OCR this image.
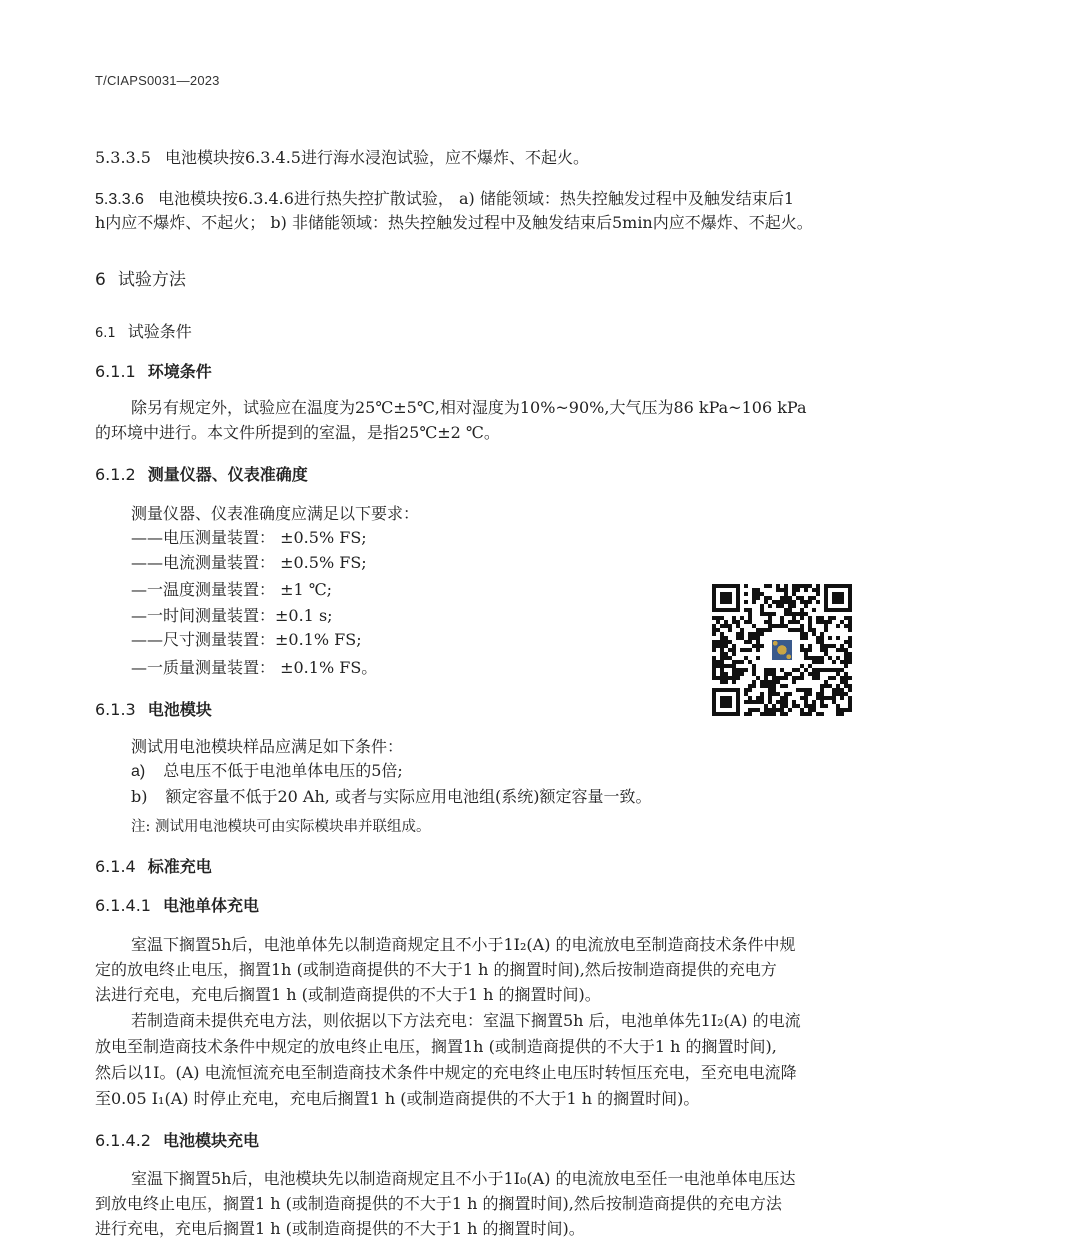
T/CIAPS0031—2023
5.3.3.5 电池模块按6.3.4.5进行海水浸泡试验，应不爆炸、不起火。
5.3.3.6 电池模块按6.3.4.6进行热失控扩散试验， a) 储能领域：热失控触发过程中及触发结束后1
h内应不爆炸、不起火； b) 非储能领域：热失控触发过程中及触发结束后5min内应不爆炸、不起火。
6 试验方法
6.1 试验条件
6.1.1 环境条件
除另有规定外，试验应在温度为25℃±5℃,相对湿度为10%~90%,大气压为86 kPa~106 kPa
的环境中进行。本文件所提到的室温，是指25℃±2 ℃。
6.1.2 测量仪器、仪表准确度
测量仪器、仪表准确度应满足以下要求：
——电压测量装置： ±0.5% FS;
——电流测量装置： ±0.5% FS;
—一温度测量装置： ±1 ℃;
—一时间测量装置：±0.1 s;
——尺寸测量装置：±0.1% FS;
—一质量测量装置： ±0.1% FS。
6.1.3 电池模块
测试用电池模块样品应满足如下条件：
a) 总电压不低于电池单体电压的5倍;
b) 额定容量不低于20 Ah, 或者与实际应用电池组(系统)额定容量一致。
注: 测试用电池模块可由实际模块串并联组成。
6.1.4 标准充电
6.1.4.1 电池单体充电
室温下搁置5h后，电池单体先以制造商规定且不小于1I₂(A) 的电流放电至制造商技术条件中规
定的放电终止电压，搁置1h (或制造商提供的不大于1 h 的搁置时间),然后按制造商提供的充电方
法进行充电，充电后搁置1 h (或制造商提供的不大于1 h 的搁置时间)。
若制造商未提供充电方法，则依据以下方法充电：室温下搁置5h 后，电池单体先1I₂(A) 的电流
放电至制造商技术条件中规定的放电终止电压，搁置1h (或制造商提供的不大于1 h 的搁置时间),
然后以1I。(A) 电流恒流充电至制造商技术条件中规定的充电终止电压时转恒压充电，至充电电流降
至0.05 I₁(A) 时停止充电，充电后搁置1 h (或制造商提供的不大于1 h 的搁置时间)。
6.1.4.2 电池模块充电
室温下搁置5h后，电池模块先以制造商规定且不小于1I₀(A) 的电流放电至任一电池单体电压达
到放电终止电压，搁置1 h (或制造商提供的不大于1 h 的搁置时间),然后按制造商提供的充电方法
进行充电，充电后搁置1 h (或制造商提供的不大于1 h 的搁置时间)。
